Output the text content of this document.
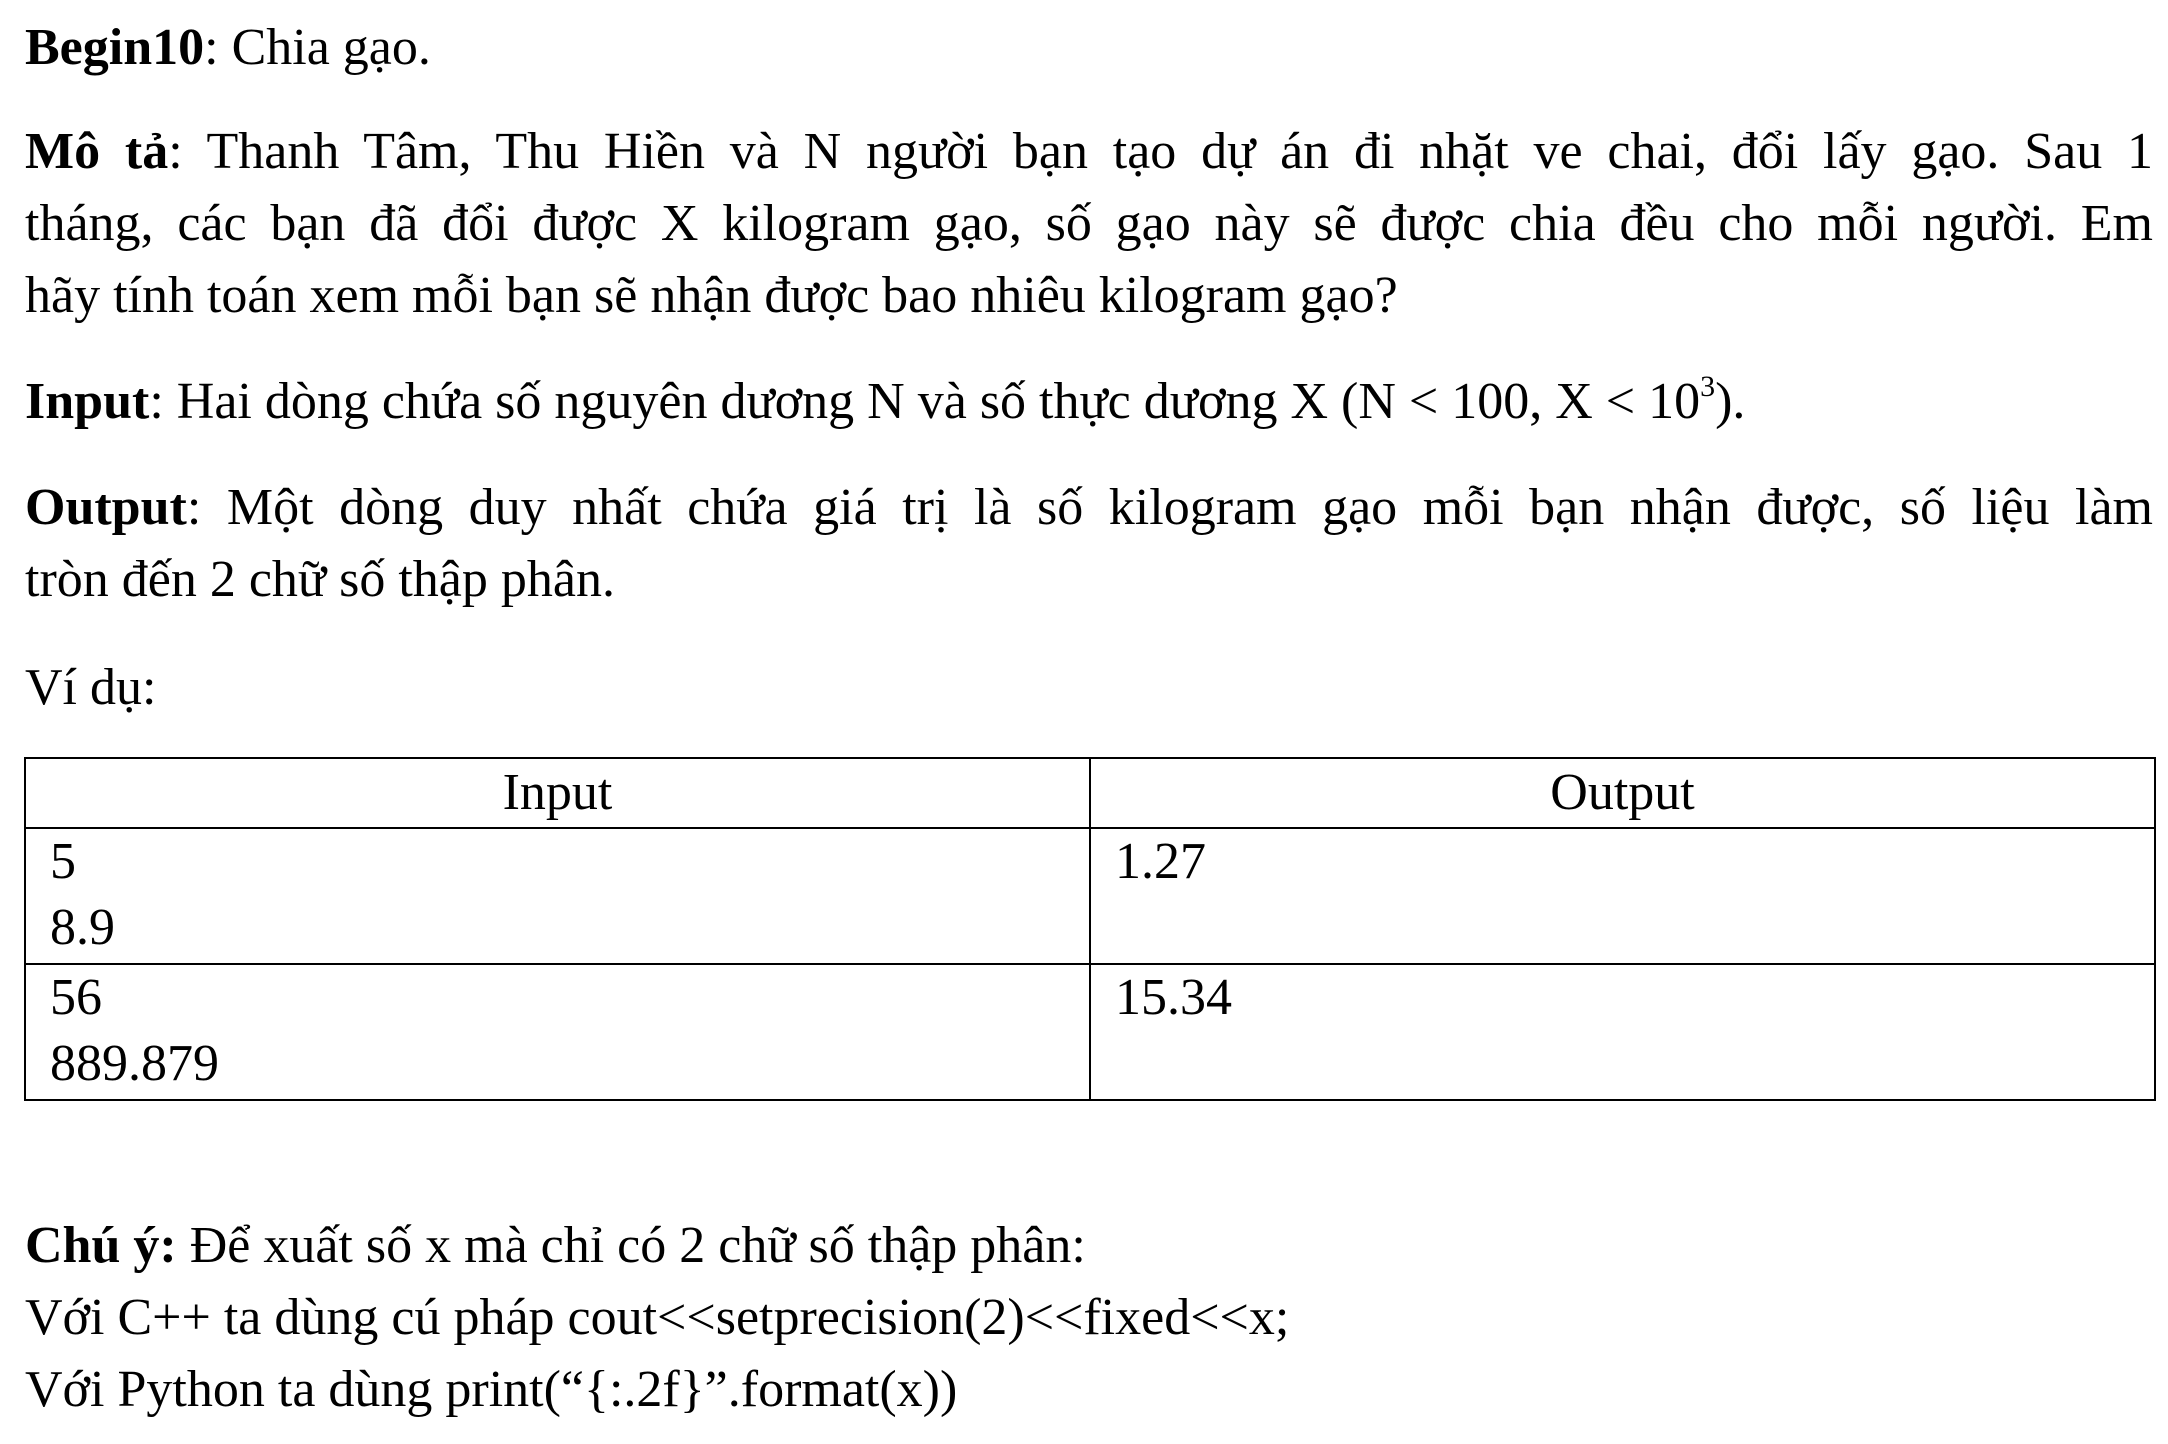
Begin10: Chia gạo.
Mô tả: Thanh Tâm, Thu Hiền và N người bạn tạo dự án đi nhặt ve chai, đổi lấy gạo. Sau 1
tháng, các bạn đã đổi được X kilogram gạo, số gạo này sẽ được chia đều cho mỗi người. Em
hãy tính toán xem mỗi bạn sẽ nhận được bao nhiêu kilogram gạo?
Input: Hai dòng chứa số nguyên dương N và số thực dương X (N < 100, $X < 10^3$).
Output: Một dòng duy nhất chứa giá trị là số kilogram gạo mỗi bạn nhận được, số liệu làm
tròn đến 2 chữ số thập phân.
Ví dụ:
Input	Output

5
8.9	1.27

56
889.879	15.34
Chú ý: Để xuất số x mà chỉ có 2 chữ số thập phân:
Với C++ ta dùng cú pháp cout<<setprecision(2)<<fixed<<x;
Với Python ta dùng print(“{:.2f}”.format(x))
